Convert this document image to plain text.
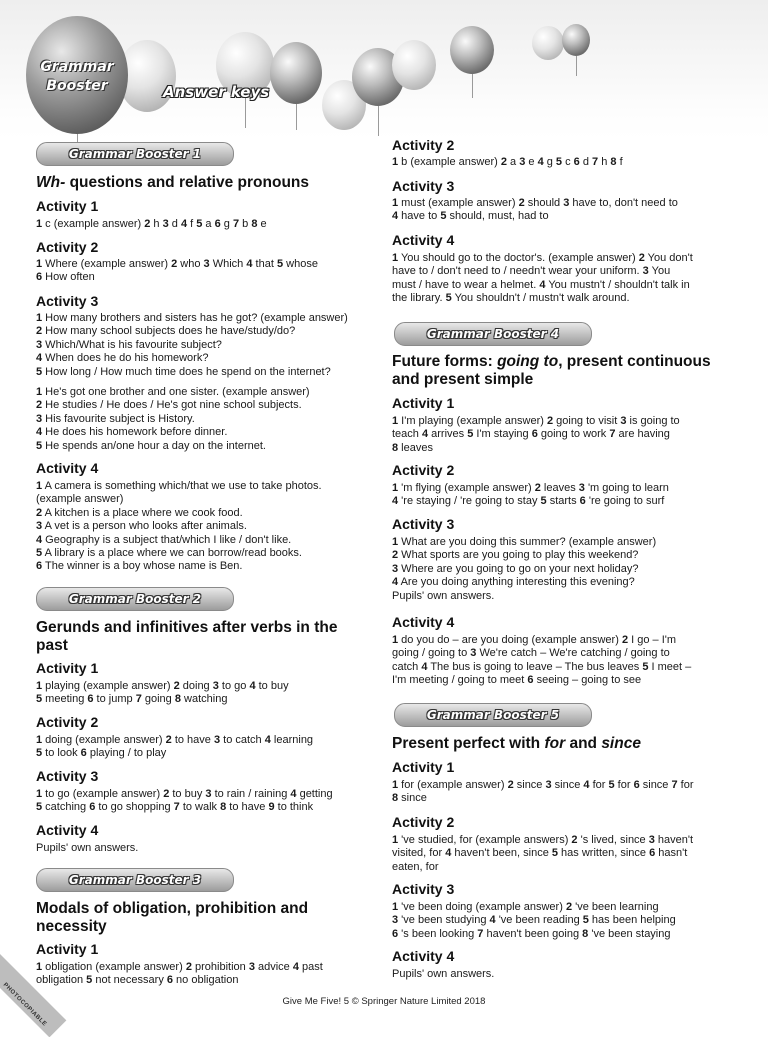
Grammar
Booster	Answer keys
Grammar Booster 1
Wh- questions and relative pronouns
Activity 1
1 c (example answer) 2 h 3 d 4 f 5 a 6 g 7 b 8 e
Activity 2
1 Where (example answer) 2 who 3 Which 4 that 5 whose
6 How often
Activity 3
1 How many brothers and sisters has he got? (example answer)
2 How many school subjects does he have/study/do?
3 Which/What is his favourite subject?
4 When does he do his homework?
5 How long / How much time does he spend on the internet?
1 He's got one brother and one sister. (example answer)
2 He studies / He does / He's got nine school subjects.
3 His favourite subject is History.
4 He does his homework before dinner.
5 He spends an/one hour a day on the internet.
Activity 4
1 A camera is something which/that we use to take photos.
(example answer)
2 A kitchen is a place where we cook food.
3 A vet is a person who looks after animals.
4 Geography is a subject that/which I like / don't like.
5 A library is a place where we can borrow/read books.
6 The winner is a boy whose name is Ben.
Grammar Booster 2
Gerunds and infinitives after verbs in the past
Activity 1
1 playing (example answer) 2 doing 3 to go 4 to buy
5 meeting 6 to jump 7 going 8 watching
Activity 2
1 doing (example answer) 2 to have 3 to catch 4 learning
5 to look 6 playing / to play
Activity 3
1 to go (example answer) 2 to buy 3 to rain / raining 4 getting
5 catching 6 to go shopping 7 to walk 8 to have 9 to think
Activity 4
Pupils' own answers.
Grammar Booster 3
Modals of obligation, prohibition and
necessity
Activity 1
1 obligation (example answer) 2 prohibition 3 advice 4 past
obligation 5 not necessary 6 no obligation
Activity 2
1 b (example answer) 2 a 3 e 4 g 5 c 6 d 7 h 8 f
Activity 3
1 must (example answer) 2 should 3 have to, don't need to
4 have to 5 should, must, had to
Activity 4
1 You should go to the doctor's. (example answer) 2 You don't
have to / don't need to / needn't wear your uniform. 3 You
must / have to wear a helmet. 4 You mustn't / shouldn't talk in
the library. 5 You shouldn't / mustn't walk around.
Grammar Booster 4
Future forms: going to, present continuous
and present simple
Activity 1
1 I'm playing (example answer) 2 going to visit 3 is going to
teach 4 arrives 5 I'm staying 6 going to work 7 are having
8 leaves
Activity 2
1 'm flying (example answer) 2 leaves 3 'm going to learn
4 're staying / 're going to stay 5 starts 6 're going to surf
Activity 3
1 What are you doing this summer? (example answer)
2 What sports are you going to play this weekend?
3 Where are you going to go on your next holiday?
4 Are you doing anything interesting this evening?
Pupils' own answers.
Activity 4
1 do you do – are you doing (example answer) 2 I go – I'm
going / going to 3 We're catch – We're catching / going to
catch 4 The bus is going to leave – The bus leaves 5 I meet –
I'm meeting / going to meet 6 seeing – going to see
Grammar Booster 5
Present perfect with for and since
Activity 1
1 for (example answer) 2 since 3 since 4 for 5 for 6 since 7 for
8 since
Activity 2
1 've studied, for (example answers) 2 's lived, since 3 haven't
visited, for 4 haven't been, since 5 has written, since 6 hasn't
eaten, for
Activity 3
1 've been doing (example answer) 2 've been learning
3 've been studying 4 've been reading 5 has been helping
6 's been looking 7 haven't been going 8 've been staying
Activity 4
Pupils' own answers.
PHOTOCOPIABLE	Give Me Five! 5 © Springer Nature Limited 2018
